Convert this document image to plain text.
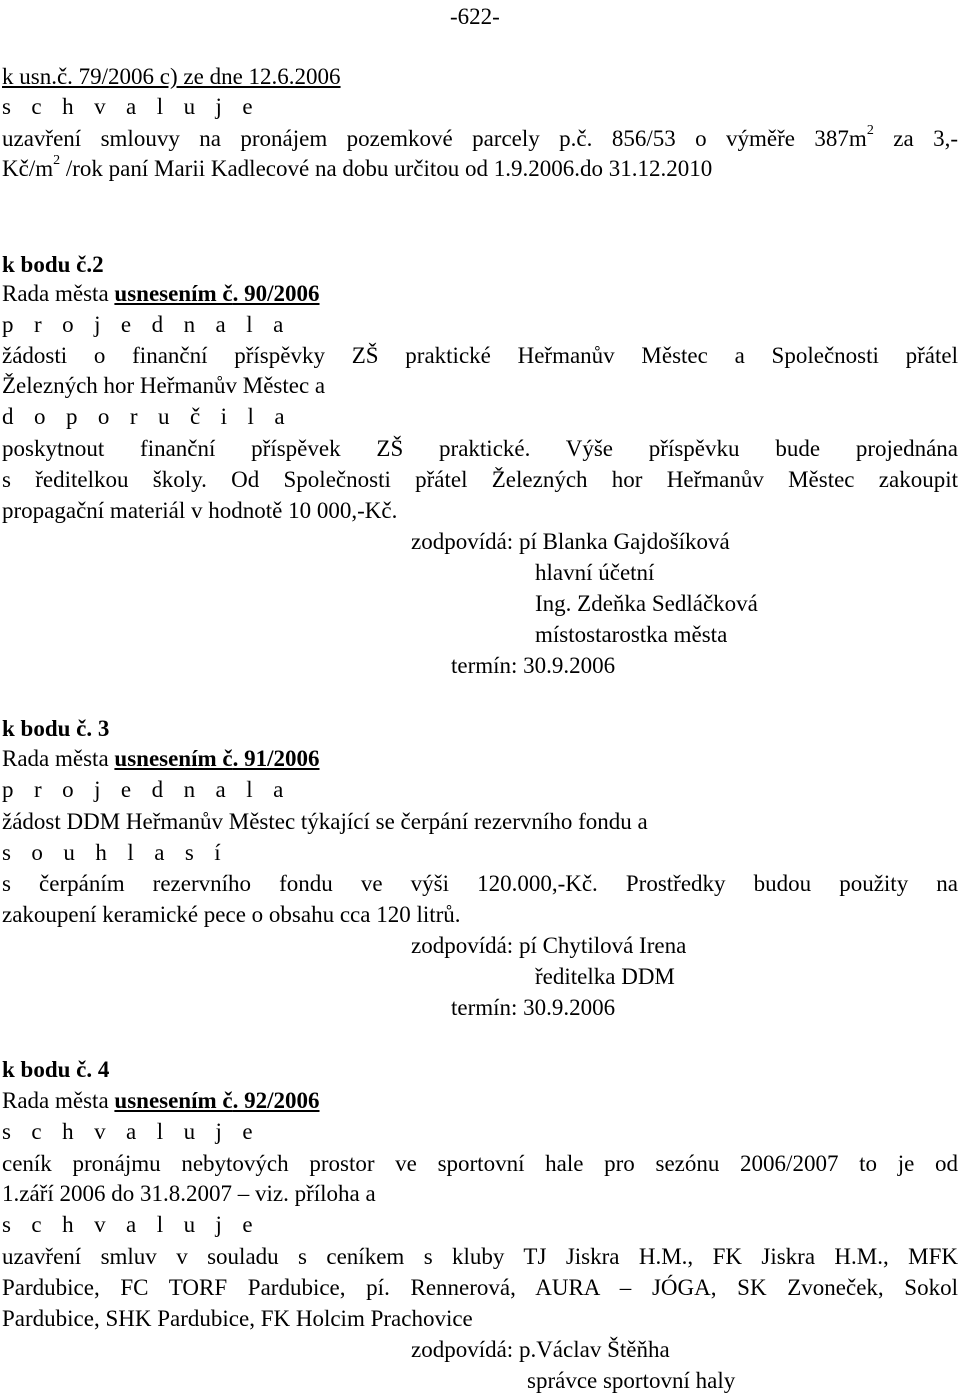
-622-
k usn.č. 79/2006 c) ze dne 12.6.2006
s c h v a l u j e
uzavření smlouvy na pronájem pozemkové parcely p.č. 856/53 o výměře $387m^2$ za 3,-
$Kč/m^2$ /rok paní Marii Kadlecové na dobu určitou od 1.9.2006.do 31.12.2010
k bodu č.2
Rada města usnesením č. 90/2006
p r o j e d n a l a
žádosti o finanční příspěvky ZŠ praktické Heřmanův Městec a Společnosti přátel
Železných hor Heřmanův Městec a
d o p o r u č i l a
poskytnout finanční příspěvek ZŠ praktické. Výše příspěvku bude projednána
s ředitelkou školy. Od Společnosti přátel Železných hor Heřmanův Městec zakoupit
propagační materiál v hodnotě 10 000,-Kč.
zodpovídá: pí Blanka Gajdošíková
hlavní účetní
Ing. Zdeňka Sedláčková
místostarostka města
termín: 30.9.2006
k bodu č. 3
Rada města usnesením č. 91/2006
p r o j e d n a l a
žádost DDM Heřmanův Městec týkající se čerpání rezervního fondu a
s o u h l a s í
s čerpáním rezervního fondu ve výši 120.000,-Kč. Prostředky budou použity na
zakoupení keramické pece o obsahu cca 120 litrů.
zodpovídá: pí Chytilová Irena
ředitelka DDM
termín: 30.9.2006
k bodu č. 4
Rada města usnesením č. 92/2006
s c h v a l u j e
ceník pronájmu nebytových prostor ve sportovní hale pro sezónu 2006/2007 to je od
1.září 2006 do 31.8.2007 – viz. příloha a
s c h v a l u j e
uzavření smluv v souladu s ceníkem s kluby TJ Jiskra H.M., FK Jiskra H.M., MFK
Pardubice, FC TORF Pardubice, pí. Rennerová, AURA – JÓGA, SK Zvoneček, Sokol
Pardubice, SHK Pardubice, FK Holcim Prachovice
zodpovídá: p.Václav Štěňha
správce sportovní haly
